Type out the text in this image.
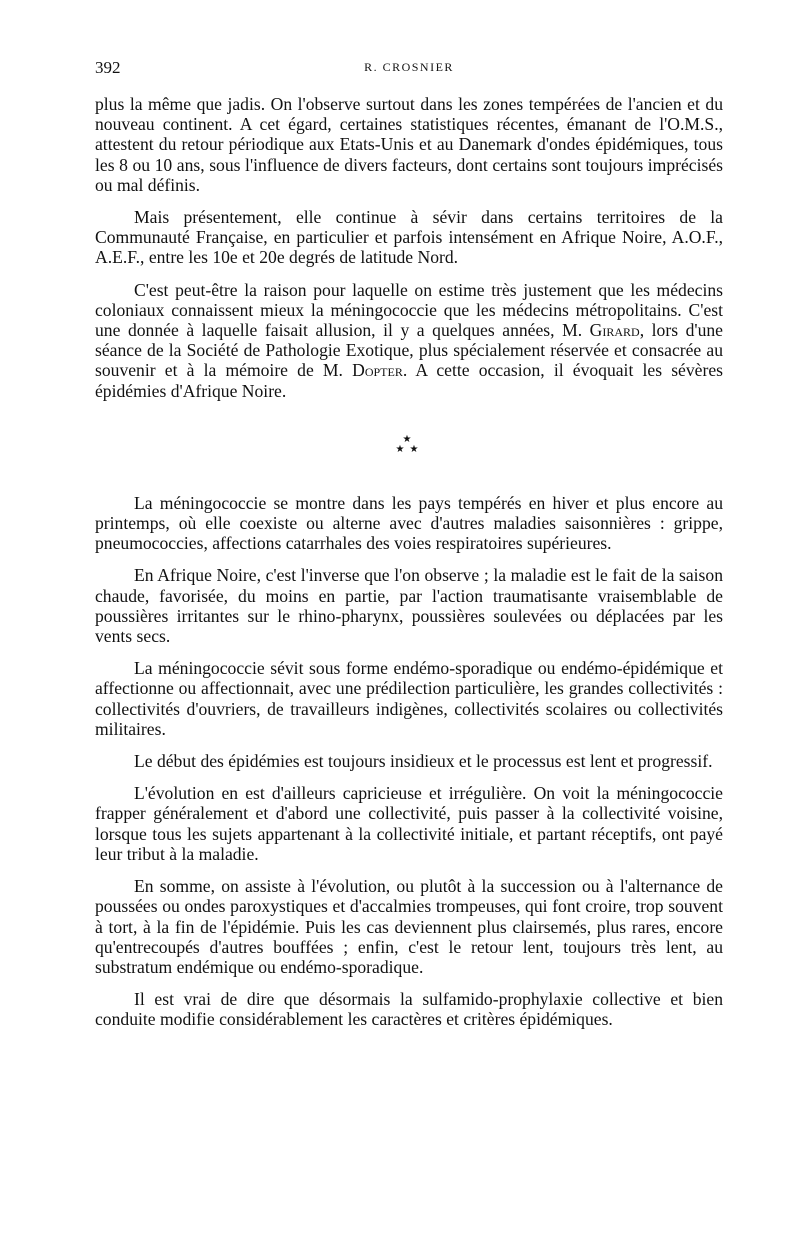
392	R. CROSNIER

plus la même que jadis. On l'observe surtout dans les zones tempérées de l'ancien et du nouveau continent. A cet égard, certaines statistiques récentes, émanant de l'O.M.S., attestent du retour périodique aux Etats-Unis et au Danemark d'ondes épidémiques, tous les 8 ou 10 ans, sous l'influence de divers facteurs, dont certains sont toujours imprécisés ou mal définis.

Mais présentement, elle continue à sévir dans certains territoires de la Communauté Française, en particulier et parfois intensément en Afrique Noire, A.O.F., A.E.F., entre les 10e et 20e degrés de latitude Nord.

C'est peut-être la raison pour laquelle on estime très justement que les médecins coloniaux connaissent mieux la méningococcie que les médecins métropolitains. C'est une donnée à laquelle faisait allusion, il y a quelques années, M. Girard, lors d'une séance de la Société de Pathologie Exotique, plus spécialement réservée et consacrée au souvenir et à la mémoire de M. Dopter. A cette occasion, il évoquait les sévères épidémies d'Afrique Noire.

★
★ ★

La méningococcie se montre dans les pays tempérés en hiver et plus encore au printemps, où elle coexiste ou alterne avec d'autres maladies saisonnières : grippe, pneumococcies, affections catarrhales des voies respiratoires supérieures.

En Afrique Noire, c'est l'inverse que l'on observe ; la maladie est le fait de la saison chaude, favorisée, du moins en partie, par l'action traumatisante vraisemblable de poussières irritantes sur le rhino-pharynx, poussières soulevées ou déplacées par les vents secs.

La méningococcie sévit sous forme endémo-sporadique ou endémo-épidémique et affectionne ou affectionnait, avec une prédilection particulière, les grandes collectivités : collectivités d'ouvriers, de travailleurs indigènes, collectivités scolaires ou collectivités militaires.

Le début des épidémies est toujours insidieux et le processus est lent et progressif.

L'évolution en est d'ailleurs capricieuse et irrégulière. On voit la méningococcie frapper généralement et d'abord une collectivité, puis passer à la collectivité voisine, lorsque tous les sujets appartenant à la collectivité initiale, et partant réceptifs, ont payé leur tribut à la maladie.

En somme, on assiste à l'évolution, ou plutôt à la succession ou à l'alternance de poussées ou ondes paroxystiques et d'accalmies trompeuses, qui font croire, trop souvent à tort, à la fin de l'épidémie. Puis les cas deviennent plus clairsemés, plus rares, encore qu'entrecoupés d'autres bouffées ; enfin, c'est le retour lent, toujours très lent, au substratum endémique ou endémo-sporadique.

Il est vrai de dire que désormais la sulfamido-prophylaxie collective et bien conduite modifie considérablement les caractères et critères épidémiques.
